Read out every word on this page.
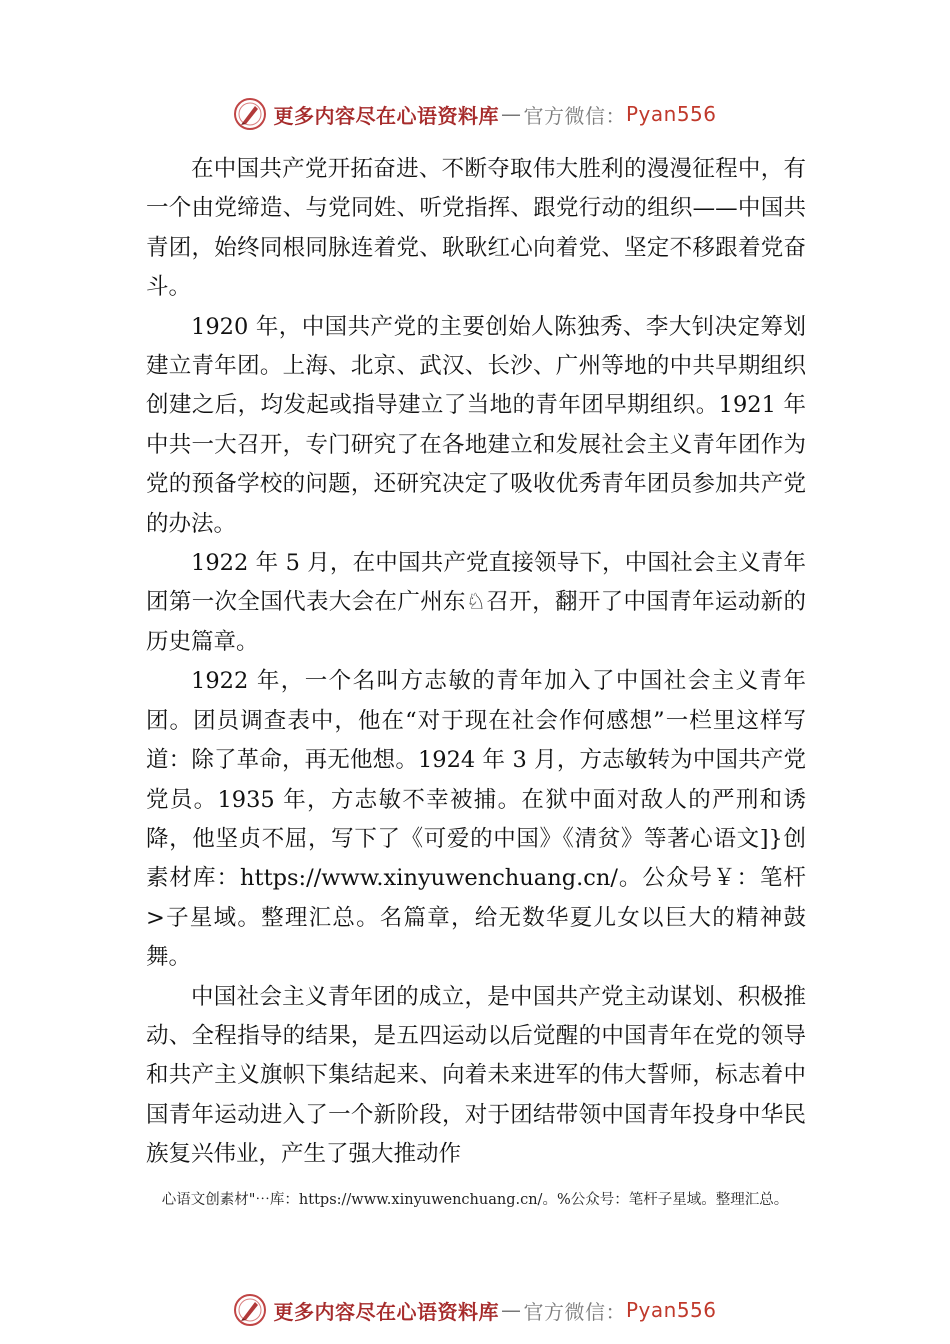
更多内容尽在心语资料库 — 官方微信 ： Pyan556

在中国共产党开拓奋进、不断夺取伟大胜利的漫漫征程中，有一个由党缔造、与党同姓、听党指挥、跟党行动的组织——中国共青团，始终同根同脉连着党、耿耿红心向着党、坚定不移跟着党奋斗。

1920 年，中国共产党的主要创始人陈独秀、李大钊决定筹划建立青年团。上海、北京、武汉、长沙、广州等地的中共早期组织创建之后，均发起或指导建立了当地的青年团早期组织。1921 年中共一大召开，专门研究了在各地建立和发展社会主义青年团作为党的预备学校的问题，还研究决定了吸收优秀青年团员参加共产党的办法。

1922 年 5 月，在中国共产党直接领导下，中国社会主义青年团第一次全国代表大会在广州东♘召开，翻开了中国青年运动新的历史篇章。

1922 年，一个名叫方志敏的青年加入了中国社会主义青年团。团员调查表中，他在“对于现在社会作何感想”一栏里这样写道：除了革命，再无他想。1924 年 3 月，方志敏转为中国共产党党员。1935 年，方志敏不幸被捕。在狱中面对敌人的严刑和诱降，他坚贞不屈，写下了《可爱的中国》《清贫》等著心语文]}创素材库：https://www.xinyuwenchuang.cn/。公众号￥：笔杆>子星域。整理汇总。名篇章，给无数华夏儿女以巨大的精神鼓舞。

中国社会主义青年团的成立，是中国共产党主动谋划、积极推动、全程指导的结果，是五四运动以后觉醒的中国青年在党的领导和共产主义旗帜下集结起来、向着未来进军的伟大誓师，标志着中国青年运动进入了一个新阶段，对于团结带领中国青年投身中华民族复兴伟业，产生了强大推动作

心语文创素材"⋯库：https://www.xinyuwenchuang.cn/。%公众号：笔杆子星域。整理汇总。
更多内容尽在心语资料库 — 官方微信 ： Pyan556
